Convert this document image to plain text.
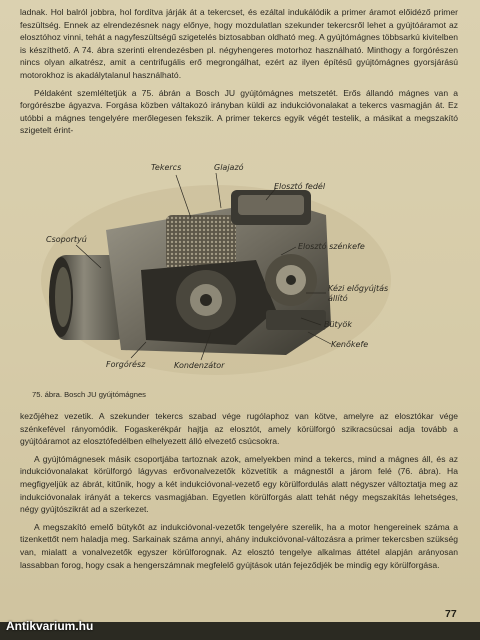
ladnak. Hol balról jobbra, hol fordítva járják át a tekercset, és ezáltal indukálódik a primer áramot előidéző primer feszültség. Ennek az elrendezésnek nagy előnye, hogy mozdulatlan szekunder tekercsről lehet a gyújtóáramot az elosztóhoz vinni, tehát a nagyfeszültségű szigetelés biztosabban oldható meg. A gyújtómágnes többsarkú kivitelben is készíthető. A 74. ábra szerinti elrendezésben pl. négyhengeres motorhoz használható. Minthogy a forgórészen nincs olyan alkatrész, amit a centrifugális erő megrongálhat, ezért az ilyen építésű gyújtómágnes gyorsjárású motorokhoz is akadálytalanul használható.

Példaként szemléltetjük a 75. ábrán a Bosch JU gyújtómágnes metszetét. Erős állandó mágnes van a forgórészbe ágyazva. Forgása közben váltakozó irányban küldi az indukcióvonalakat a tekercs vasmagján át. Ez utóbbi a mágnes tengelyére merőlegesen fekszik. A primer tekercs egyik végét testelik, a másikat a megszakító szigetelt érint-

Tekercs	Glajazó
Elosztó fedél
Csoportyú
Elosztó szénkefe
Kézi előgyújtás állító
Bütyök
Kenőkefe
Forgórész	Kondenzátor

75. ábra. Bosch JU gyújtómágnes

kezőjéhez vezetik. A szekunder tekercs szabad vége rugólaphoz van kötve, amelyre az elosztókar vége szénkefével rányomódik. Fogaskerékpár hajtja az elosztót, amely körülforgó szikracsúcsai adja tovább a gyújtóáramot az elosztófedélben elhelyezett álló elvezető csúcsokra.

A gyújtómágnesek másik csoportjába tartoznak azok, amelyekben mind a tekercs, mind a mágnes áll, és az indukcióvonalakat körülforgó lágyvas erővonalvezetők közvetítik a mágnestől a járom felé (76. ábra). Ha megfigyeljük az ábrát, kitűnik, hogy a két indukcióvonal-vezető egy körülfordulás alatt négyszer változtatja meg az indukcióvonalak irányát a tekercs vasmagjában. Egyetlen körülforgás alatt tehát négy megszakítás lehetséges, négy gyújtószikrát ad a szerkezet.

A megszakító emelő bütykőt az indukcióvonal-vezetők tengelyére szerelik, ha a motor hengereinek száma a tizenkettőt nem haladja meg. Sarkainak száma annyi, ahány indukcióvonal-változásra a primer tekercsben szükség van, mialatt a vonalvezetők egyszer körülforognak. Az elosztó tengelye alkalmas áttétel alapján arányosan lassabban forog, hogy csak a hengerszámnak megfelelő gyújtások után fejeződjék be mindig egy körülforgása.

77
Antikvarium.hu
